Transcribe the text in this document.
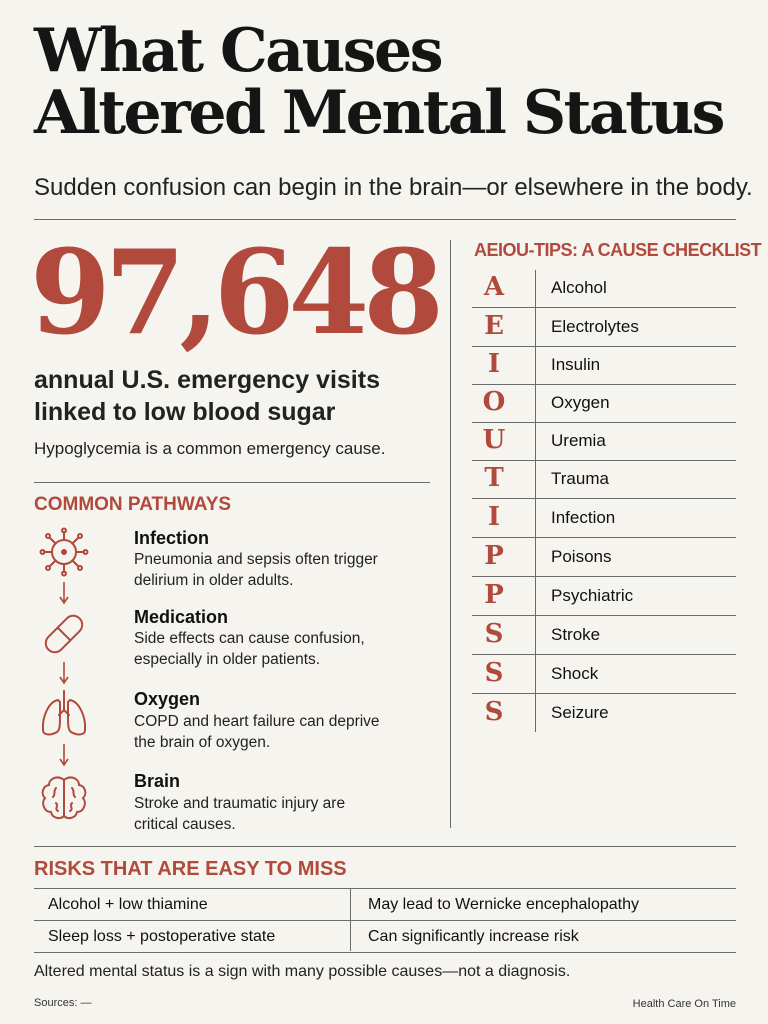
What Causes
Altered Mental Status
Sudden confusion can begin in the brain—or elsewhere in the body.
97,648
annual U.S. emergency visits
linked to low blood sugar
Hypoglycemia is a common emergency cause.
COMMON PATHWAYS
Infection
Pneumonia and sepsis often trigger
delirium in older adults.
Medication
Side effects can cause confusion,
especially in older patients.
Oxygen
COPD and heart failure can deprive
the brain of oxygen.
Brain
Stroke and traumatic injury are
critical causes.
AEIOU-TIPS: A CAUSE CHECKLIST
A	Alcohol
E	Electrolytes
I	Insulin
O	Oxygen
U	Uremia
T	Trauma
I	Infection
P	Poisons
P	Psychiatric
S	Stroke
S	Shock
S	Seizure
RISKS THAT ARE EASY TO MISS
Alcohol + low thiamine	May lead to Wernicke encephalopathy
Sleep loss + postoperative state	Can significantly increase risk
Altered mental status is a sign with many possible causes—not a diagnosis.
Sources: —	Health Care On Time
